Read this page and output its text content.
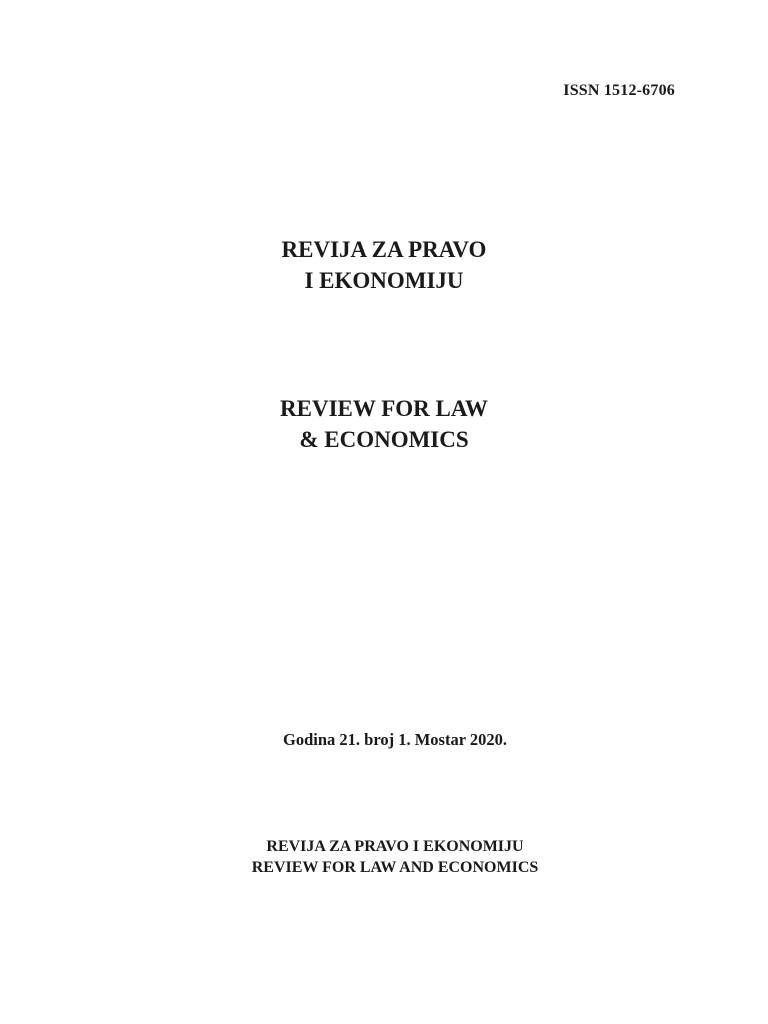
ISSN 1512-6706
REVIJA ZA PRAVO
I EKONOMIJU
REVIEW FOR LAW
& ECONOMICS
Godina 21. broj 1. Mostar 2020.
REVIJA ZA PRAVO I EKONOMIJU
REVIEW FOR LAW AND ECONOMICS
